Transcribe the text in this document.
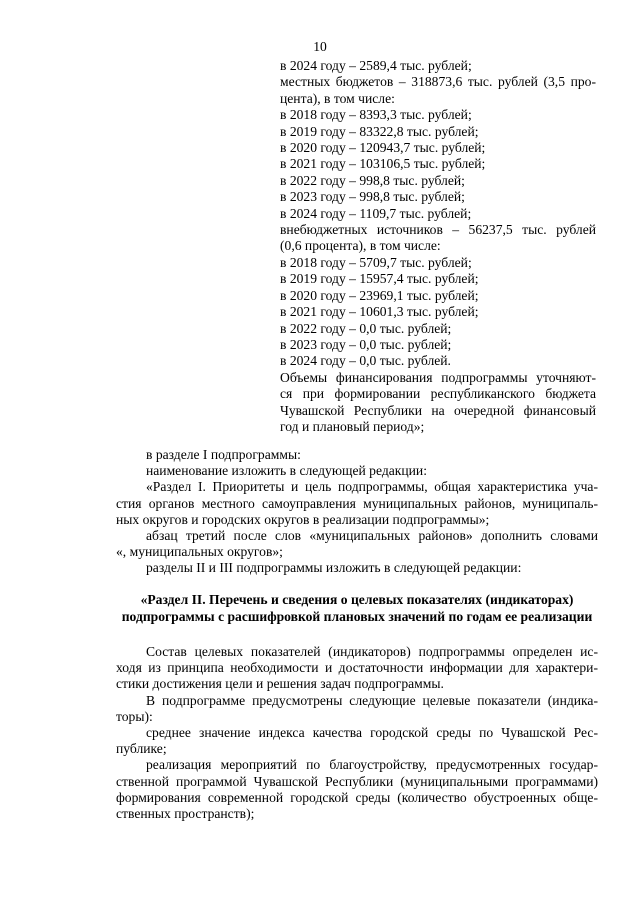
10
в 2024 году – 2589,4 тыс. рублей;
местных бюджетов – 318873,6 тыс. рублей (3,5 про-
цента), в том числе:
в 2018 году – 8393,3 тыс. рублей;
в 2019 году – 83322,8 тыс. рублей;
в 2020 году – 120943,7 тыс. рублей;
в 2021 году – 103106,5 тыс. рублей;
в 2022 году – 998,8 тыс. рублей;
в 2023 году – 998,8 тыс. рублей;
в 2024 году – 1109,7 тыс. рублей;
внебюджетных источников – 56237,5 тыс. рублей
(0,6 процента), в том числе:
в 2018 году – 5709,7 тыс. рублей;
в 2019 году – 15957,4 тыс. рублей;
в 2020 году – 23969,1 тыс. рублей;
в 2021 году – 10601,3 тыс. рублей;
в 2022 году – 0,0 тыс. рублей;
в 2023 году – 0,0 тыс. рублей;
в 2024 году – 0,0 тыс. рублей.
Объемы финансирования подпрограммы уточняют-
ся при формировании республиканского бюджета
Чувашской Республики на очередной финансовый
год и плановый период»;
в разделе I подпрограммы:
наименование изложить в следующей редакции:
«Раздел I. Приоритеты и цель подпрограммы, общая характеристика уча-
стия органов местного самоуправления муниципальных районов, муниципаль-
ных округов и городских округов в реализации подпрограммы»;
абзац третий после слов «муниципальных районов» дополнить словами
«, муниципальных округов»;
разделы II и III подпрограммы изложить в следующей редакции:
«Раздел II. Перечень и сведения о целевых показателях (индикаторах)
подпрограммы с расшифровкой плановых значений по годам ее реализации
Состав целевых показателей (индикаторов) подпрограммы определен ис-
ходя из принципа необходимости и достаточности информации для характери-
стики достижения цели и решения задач подпрограммы.
В подпрограмме предусмотрены следующие целевые показатели (индика-
торы):
среднее значение индекса качества городской среды по Чувашской Рес-
публике;
реализация мероприятий по благоустройству, предусмотренных государ-
ственной программой Чувашской Республики (муниципальными программами)
формирования современной городской среды (количество обустроенных обще-
ственных пространств);
